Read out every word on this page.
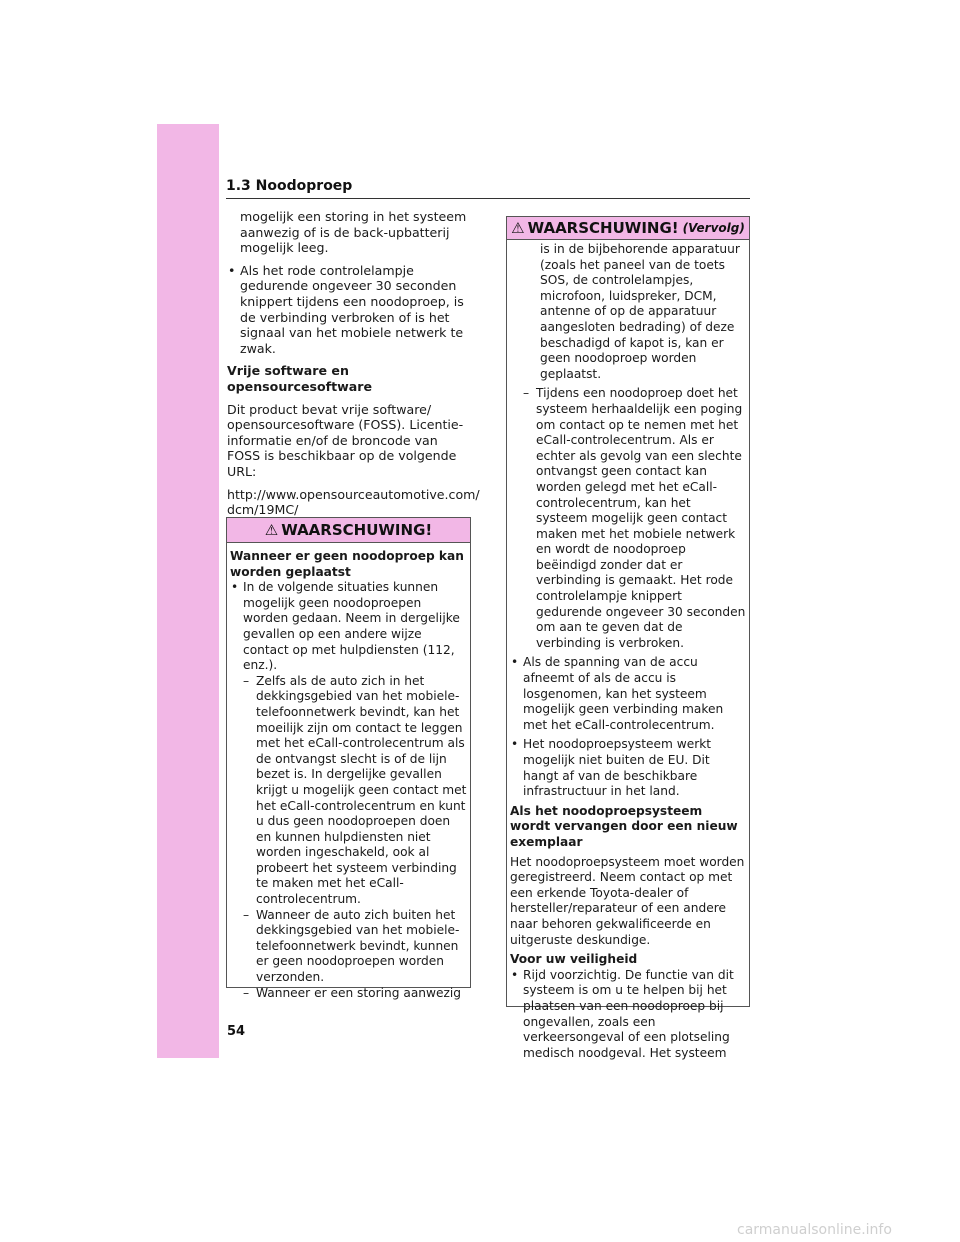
1.3 Noodoproep

mogelijk een storing in het systeem aanwezig of is de back-upbatterij mogelijk leeg.

• Als het rode controlelampje gedurende ongeveer 30 seconden knippert tijdens een noodoproep, is de verbinding verbroken of is het signaal van het mobiele netwerk te zwak.

Vrije software en opensourcesoftware

Dit product bevat vrije software/ opensourcesoftware (FOSS). Licentie-informatie en/of de broncode van FOSS is beschikbaar op de volgende URL:

http://www.opensourceautomotive.com/ dcm/19MC/

⚠ WAARSCHUWING!
Wanneer er geen noodoproep kan worden geplaatst
• In de volgende situaties kunnen mogelijk geen noodoproepen worden gedaan. Neem in dergelijke gevallen op een andere wijze contact op met hulpdiensten (112, enz.).
– Zelfs als de auto zich in het dekkingsgebied van het mobiele-telefoonnetwerk bevindt, kan het moeilijk zijn om contact te leggen met het eCall-controlecentrum als de ontvangst slecht is of de lijn bezet is. In dergelijke gevallen krijgt u mogelijk geen contact met het eCall-controlecentrum en kunt u dus geen noodoproepen doen en kunnen hulpdiensten niet worden ingeschakeld, ook al probeert het systeem verbinding te maken met het eCall-controlecentrum.
– Wanneer de auto zich buiten het dekkingsgebied van het mobiele-telefoonnetwerk bevindt, kunnen er geen noodoproepen worden verzonden.
– Wanneer er een storing aanwezig
⚠ WAARSCHUWING! (Vervolg)

is in de bijbehorende apparatuur (zoals het paneel van de toets SOS, de controlelampjes, microfoon, luidspreker, DCM, antenne of op de apparatuur aangesloten bedrading) of deze beschadigd of kapot is, kan er geen noodoproep worden geplaatst.

– Tijdens een noodoproep doet het systeem herhaaldelijk een poging om contact op te nemen met het eCall-controlecentrum. Als er echter als gevolg van een slechte ontvangst geen contact kan worden gelegd met het eCall-controlecentrum, kan het systeem mogelijk geen contact maken met het mobiele netwerk en wordt de noodoproep beëindigd zonder dat er verbinding is gemaakt. Het rode controlelampje knippert gedurende ongeveer 30 seconden om aan te geven dat de verbinding is verbroken.

• Als de spanning van de accu afneemt of als de accu is losgenomen, kan het systeem mogelijk geen verbinding maken met het eCall-controlecentrum.

• Het noodoproepsysteem werkt mogelijk niet buiten de EU. Dit hangt af van de beschikbare infrastructuur in het land.

Als het noodoproepsysteem wordt vervangen door een nieuw exemplaar

Het noodoproepsysteem moet worden geregistreerd. Neem contact op met een erkende Toyota-dealer of hersteller/reparateur of een andere naar behoren gekwalificeerde en uitgeruste deskundige.

Voor uw veiligheid

• Rijd voorzichtig. De functie van dit systeem is om u te helpen bij het plaatsen van een noodoproep bij ongevallen, zoals een verkeersongeval of een plotseling medisch noodgeval. Het systeem

54
carmanualsonline.info
